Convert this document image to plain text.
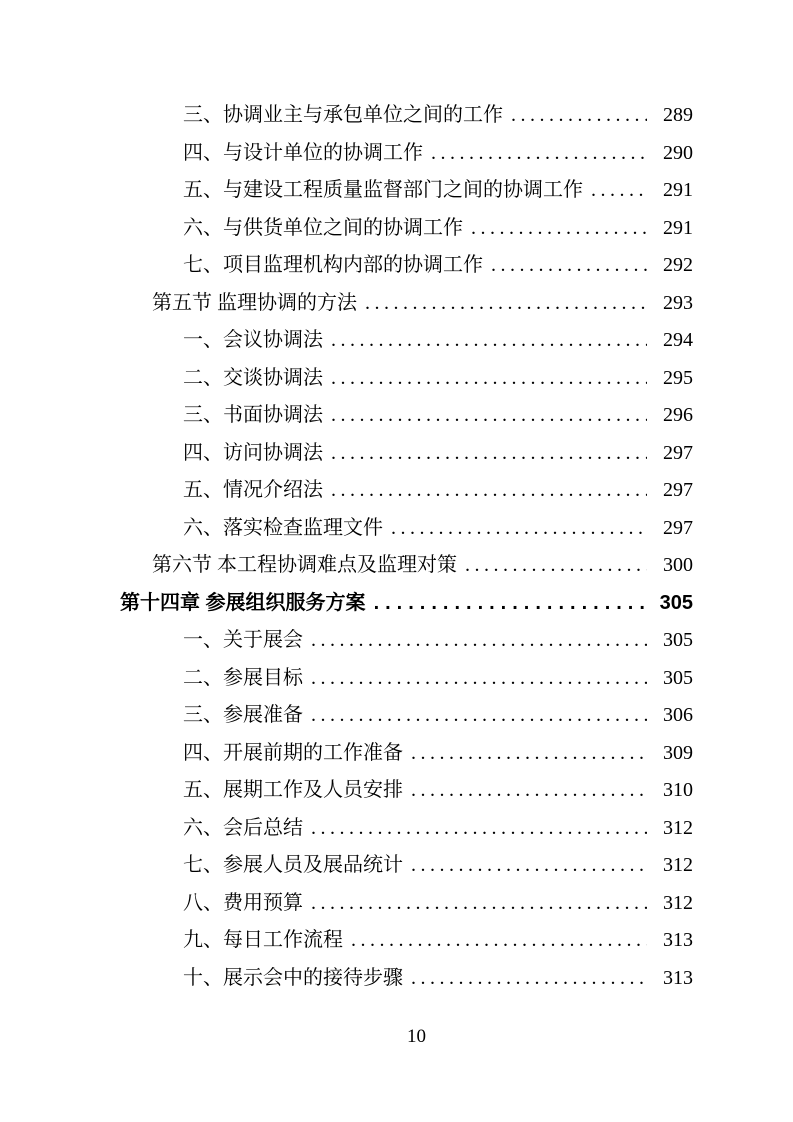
三、协调业主与承包单位之间的工作 .....	289
四、与设计单位的协调工作 .....	290
五、与建设工程质量监督部门之间的协调工作 .....	291
六、与供货单位之间的协调工作 .....	291
七、项目监理机构内部的协调工作 .....	292
第五节 监理协调的方法 .....	293
一、会议协调法 .....	294
二、交谈协调法 .....	295
三、书面协调法 .....	296
四、访问协调法 .....	297
五、情况介绍法 .....	297
六、落实检查监理文件 .....	297
第六节 本工程协调难点及监理对策 .....	300
第十四章 参展组织服务方案 .....	305
一、关于展会 .....	305
二、参展目标 .....	305
三、参展准备 .....	306
四、开展前期的工作准备 .....	309
五、展期工作及人员安排 .....	310
六、会后总结 .....	312
七、参展人员及展品统计 .....	312
八、费用预算 .....	312
九、每日工作流程 .....	313
十、展示会中的接待步骤 .....	313
10
